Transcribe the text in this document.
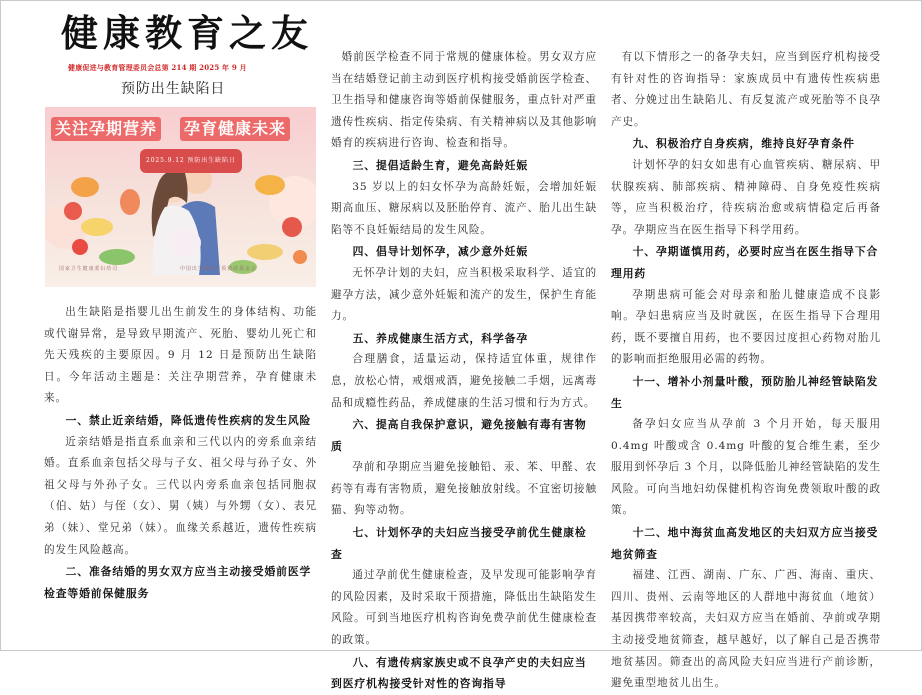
健康教育之友
健康促进与教育管理委员会总第 214 期 2025 年 9 月
预防出生缺陷日
关注孕期营养 孕育健康未来
2025.9.12 预防出生缺陷日
国家卫生健康委妇幼司	中国出生缺陷干预救助基金会

出生缺陷是指婴儿出生前发生的身体结构、功能或代谢异常，是导致早期流产、死胎、婴幼儿死亡和先天残疾的主要原因。9 月 12 日是预防出生缺陷日。今年活动主题是：关注孕期营养，孕育健康未来。

一、禁止近亲结婚，降低遗传性疾病的发生风险

近亲结婚是指直系血亲和三代以内的旁系血亲结婚。直系血亲包括父母与子女、祖父母与孙子女、外祖父母与外孙子女。三代以内旁系血亲包括同胞叔（伯、姑）与侄（女）、舅（姨）与外甥（女）、表兄弟（妹）、堂兄弟（妹）。血缘关系越近，遗传性疾病的发生风险越高。

二、准备结婚的男女双方应当主动接受婚前医学检查等婚前保健服务

婚前医学检查不同于常规的健康体检。男女双方应当在结婚登记前主动到医疗机构接受婚前医学检查、卫生指导和健康咨询等婚前保健服务，重点针对严重遗传性疾病、指定传染病、有关精神病以及其他影响婚育的疾病进行咨询、检查和指导。

三、提倡适龄生育，避免高龄妊娠

35 岁以上的妇女怀孕为高龄妊娠，会增加妊娠期高血压、糖尿病以及胚胎停育、流产、胎儿出生缺陷等不良妊娠结局的发生风险。

四、倡导计划怀孕，减少意外妊娠

无怀孕计划的夫妇，应当积极采取科学、适宜的避孕方法，减少意外妊娠和流产的发生，保护生育能力。

五、养成健康生活方式，科学备孕

合理膳食，适量运动，保持适宜体重，规律作息，放松心情，戒烟戒酒，避免接触二手烟，远离毒品和成瘾性药品，养成健康的生活习惯和行为方式。

六、提高自我保护意识，避免接触有毒有害物质

孕前和孕期应当避免接触铅、汞、苯、甲醛、农药等有毒有害物质，避免接触放射线。不宜密切接触猫、狗等动物。

七、计划怀孕的夫妇应当接受孕前优生健康检查

通过孕前优生健康检查，及早发现可能影响孕育的风险因素，及时采取干预措施，降低出生缺陷发生风险。可到当地医疗机构咨询免费孕前优生健康检查的政策。

八、有遗传病家族史或不良孕产史的夫妇应当到医疗机构接受针对性的咨询指导

有以下情形之一的备孕夫妇，应当到医疗机构接受有针对性的咨询指导：家族成员中有遗传性疾病患者、分娩过出生缺陷儿、有反复流产或死胎等不良孕产史。

九、积极治疗自身疾病，维持良好孕育条件

计划怀孕的妇女如患有心血管疾病、糖尿病、甲状腺疾病、肺部疾病、精神障碍、自身免疫性疾病等，应当积极治疗，待疾病治愈或病情稳定后再备孕。孕期应当在医生指导下科学用药。

十、孕期谨慎用药，必要时应当在医生指导下合理用药

孕期患病可能会对母亲和胎儿健康造成不良影响。孕妇患病应当及时就医，在医生指导下合理用药，既不要擅自用药，也不要因过度担心药物对胎儿的影响而拒绝服用必需的药物。

十一、增补小剂量叶酸，预防胎儿神经管缺陷发生

备孕妇女应当从孕前 3 个月开始，每天服用 0.4mg 叶酸或含 0.4mg 叶酸的复合维生素，至少服用到怀孕后 3 个月，以降低胎儿神经管缺陷的发生风险。可向当地妇幼保健机构咨询免费领取叶酸的政策。

十二、地中海贫血高发地区的夫妇双方应当接受地贫筛查

福建、江西、湖南、广东、广西、海南、重庆、四川、贵州、云南等地区的人群地中海贫血（地贫）基因携带率较高，夫妇双方应当在婚前、孕前或孕期主动接受地贫筛查，越早越好，以了解自己是否携带地贫基因。筛查出的高风险夫妇应当进行产前诊断，避免重型地贫儿出生。
